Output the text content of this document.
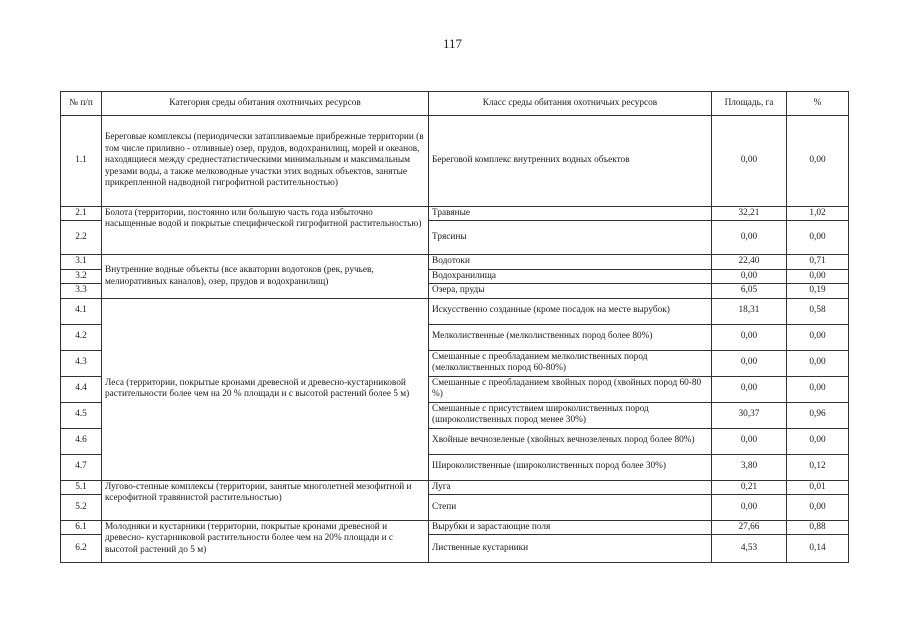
117
№ п/п	Категория среды обитания охотничьих ресурсов	Класс среды обитания охотничьих ресурсов	Площадь, га	%
1.1	Береговые комплексы (периодически затапливаемые прибрежные территории (в том числе приливно - отливные) озер, прудов, водохранилищ, морей и океанов, находящиеся между среднестатистическими минимальным и максимальным урезами воды, а также мелководные участки этих водных объектов, занятые прикрепленной надводной гигрофитной растительностью)	Береговой комплекс внутренних водных объектов	0,00	0,00
2.1	Болота (территории, постоянно или большую часть года избыточно насыщенные водой и покрытые специфической гигрофитной растительностью)	Травяные	32,21	1,02
2.2		Трясины	0,00	0,00
3.1	Внутренние водные объекты (все акватории водотоков (рек, ручьев, мелиоративных каналов), озер, прудов и водохранилищ)	Водотоки	22,40	0,71
3.2		Водохранилища	0,00	0,00
3.3		Озера, пруды	6,05	0,19
4.1	Леса (территории, покрытые кронами древесной и древесно-кустарниковой растительности более чем на 20 % площади и с высотой растений более 5 м)	Искусственно созданные (кроме посадок на месте вырубок)	18,31	0,58
4.2		Мелколиственные (мелколиственных пород более 80%)	0,00	0,00
4.3		Смешанные с преобладанием мелколиственных пород (мелколиственных пород 60-80%)	0,00	0,00
4.4		Смешанные с преобладанием хвойных пород (хвойных пород 60-80 %)	0,00	0,00
4.5		Смешанные с присутствием широколиственных пород (широколиственных пород менее 30%)	30,37	0,96
4.6		Хвойные вечнозеленые (хвойных вечнозеленых пород более 80%)	0,00	0,00
4.7		Широколиственные (широколиственных пород более 30%)	3,80	0,12
5.1	Лугово-степные комплексы (территории, занятые многолетней мезофитной и ксерофитной травянистой растительностью)	Луга	0,21	0,01
5.2		Степи	0,00	0,00
6.1	Молодняки и кустарники (территории, покрытые кронами древесной и древесно- кустарниковой растительности более чем на 20% площади и с высотой растений до 5 м)	Вырубки и зарастающие поля	27,66	0,88
6.2		Лиственные кустарники	4,53	0,14
